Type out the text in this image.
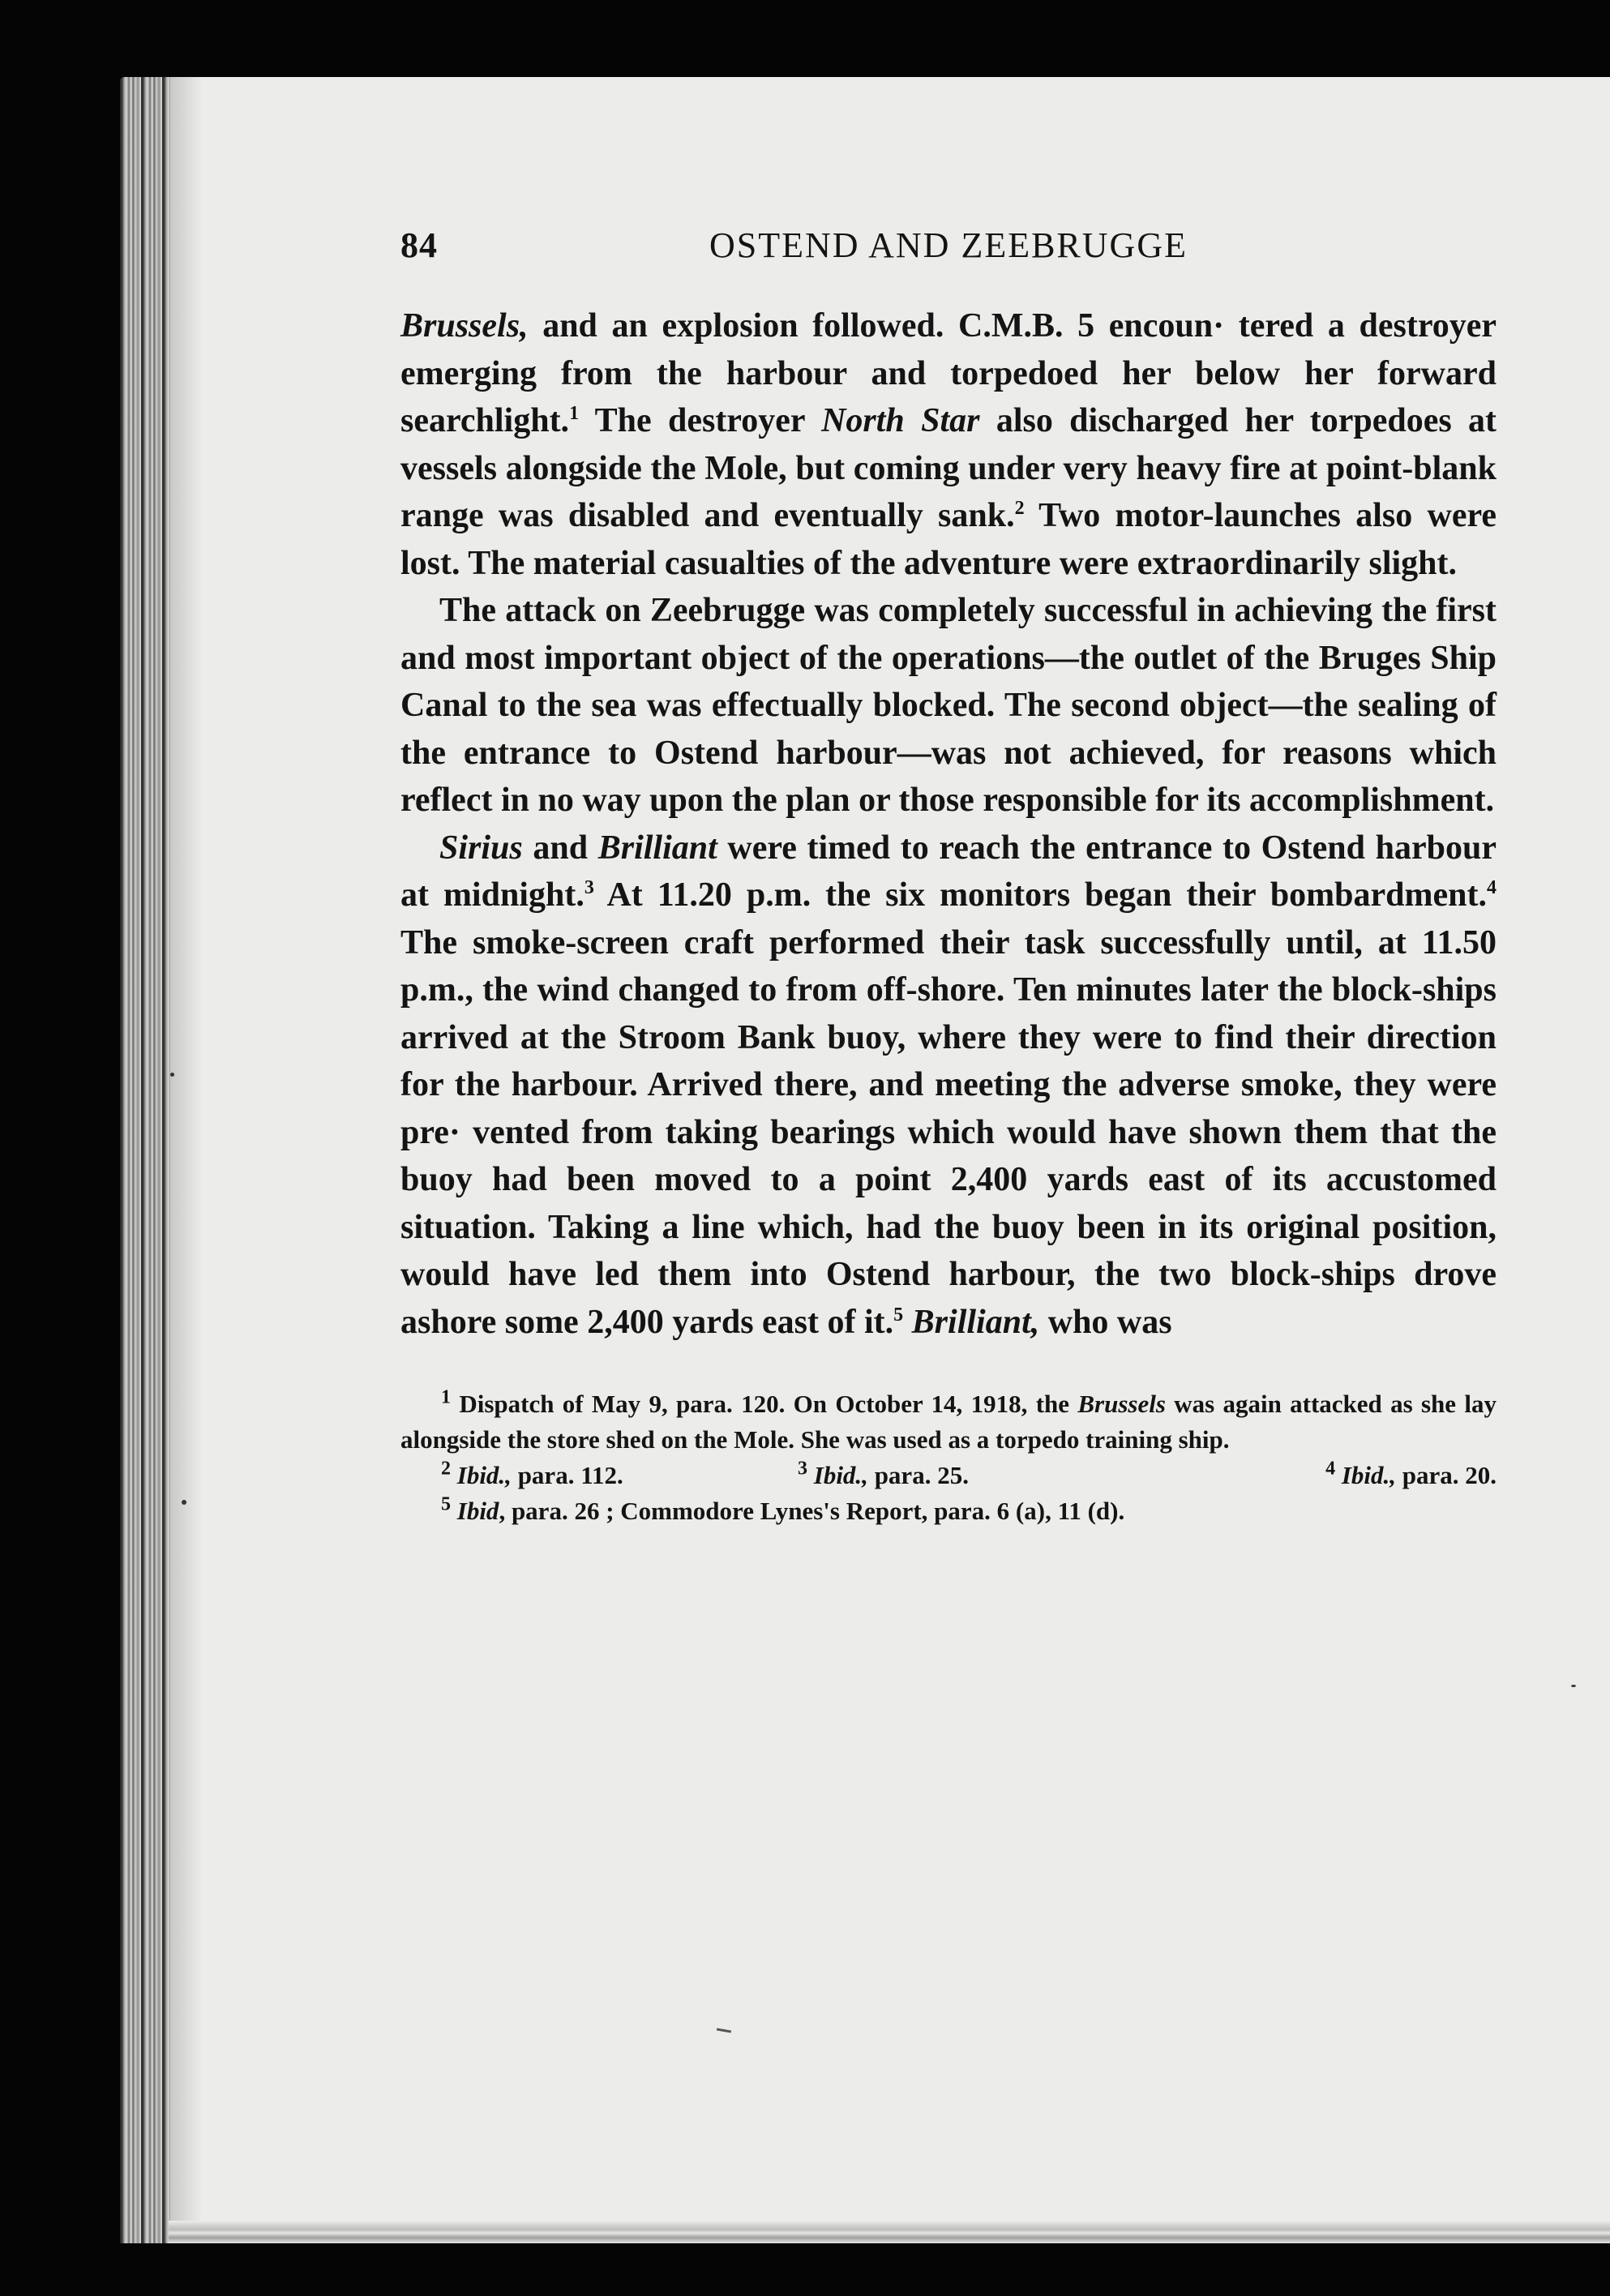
84	OSTEND AND ZEEBRUGGE

Brussels, and an explosion followed. C.M.B. 5 encoun· tered a destroyer emerging from the harbour and torpedoed her below her forward searchlight.$^1$ The destroyer North Star also discharged her torpedoes at vessels alongside the Mole, but coming under very heavy fire at point-blank range was disabled and eventually sank.$^2$ Two motor-launches also were lost. The material casualties of the adventure were extraordinarily slight.

The attack on Zeebrugge was completely successful in achieving the first and most important object of the operations—the outlet of the Bruges Ship Canal to the sea was effectually blocked. The second object—the sealing of the entrance to Ostend harbour—was not achieved, for reasons which reflect in no way upon the plan or those responsible for its accomplishment.

Sirius and Brilliant were timed to reach the entrance to Ostend harbour at midnight.$^3$ At 11.20 p.m. the six monitors began their bombardment.$^4$ The smoke-screen craft performed their task successfully until, at 11.50 p.m., the wind changed to from off-shore. Ten minutes later the block-ships arrived at the Stroom Bank buoy, where they were to find their direction for the harbour. Arrived there, and meeting the adverse smoke, they were pre· vented from taking bearings which would have shown them that the buoy had been moved to a point 2,400 yards east of its accustomed situation. Taking a line which, had the buoy been in its original position, would have led them into Ostend harbour, the two block-ships drove ashore some 2,400 yards east of it.$^5$ Brilliant, who was

$^1$ Dispatch of May 9, para. 120. On October 14, 1918, the Brussels was again attacked as she lay alongside the store shed on the Mole. She was used as a torpedo training ship.

$^2$ Ibid., para. 112.	$^3$ Ibid., para. 25.	$^4$ Ibid., para. 20.

$^5$ Ibid, para. 26 ; Commodore Lynes's Report, para. 6 (a), 11 (d).
